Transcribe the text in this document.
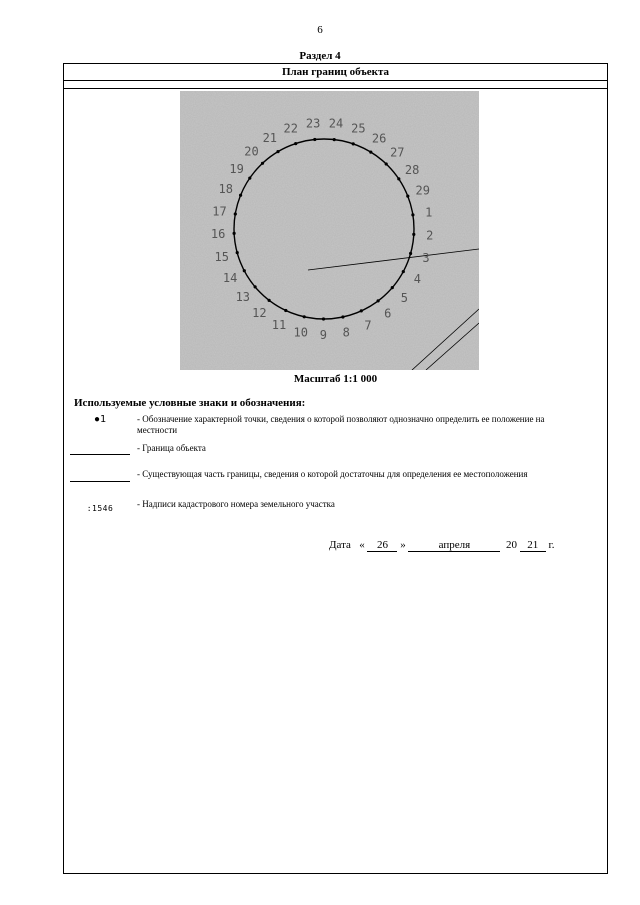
6
Раздел 4
План границ объекта
1
2
3
4
5
6
7
8
9
10
11
12
13
14
15
16
17
18
19
20
21
22 23 24 25
26
27
28
29
Масштаб 1:1 000
Используемые условные знаки и обозначения:
●1	- Обозначение характерной точки, сведения о которой позволяют однозначно определить ее положение на местности
- Граница объекта
- Существующая часть границы, сведения о которой достаточны для определения ее местоположения
:1546	- Надписи кадастрового номера земельного участка
Дата « 26 »	апреля	20 21 г.
